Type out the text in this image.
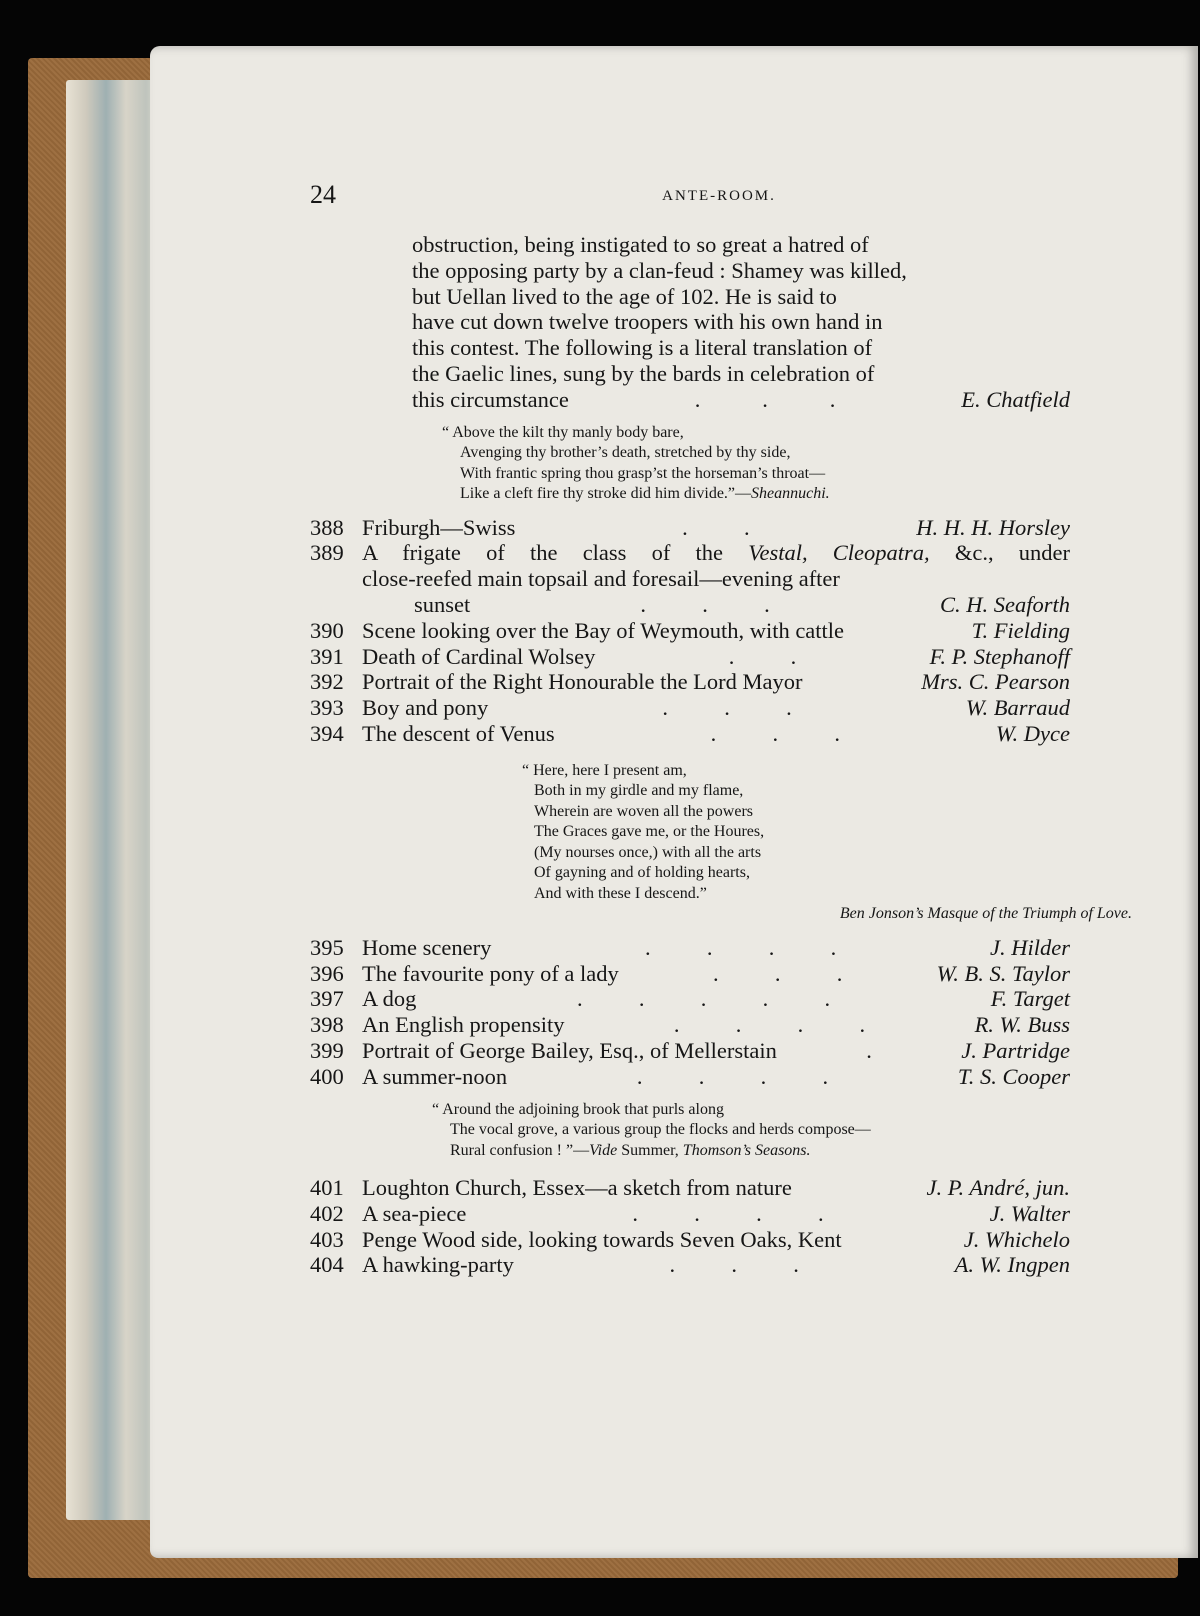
24	ANTE-ROOM.
obstruction, being instigated to so great a hatred of
the opposing party by a clan-feud : Shamey was killed,
but Uellan lived to the age of 102. He is said to
have cut down twelve troopers with his own hand in
this contest. The following is a literal translation of
the Gaelic lines, sung by the bards in celebration of
this circumstance	.           .           .	E. Chatfield
“ Above the kilt thy manly body bare,
Avenging thy brother’s death, stretched by thy side,
With frantic spring thou grasp’st the horseman’s throat—
Like a cleft fire thy stroke did him divide.”—Sheannuchi.
388 Friburgh—Swiss	.          .	H. H. H. Horsley
389 A frigate of the class of the Vestal, Cleopatra, &c., under
close-reefed main topsail and foresail—evening after
sunset	.          .          .	C. H. Seaforth
390 Scene looking over the Bay of Weymouth, with cattle	T. Fielding
391 Death of Cardinal Wolsey	.          .	F. P. Stephanoff
392 Portrait of the Right Honourable the Lord Mayor	Mrs. C. Pearson
393 Boy and pony	.          .          .	W. Barraud
394 The descent of Venus	.          .          .	W. Dyce
“ Here, here I present am,
Both in my girdle and my flame,
Wherein are woven all the powers
The Graces gave me, or the Houres,
(My nourses once,) with all the arts
Of gayning and of holding hearts,
And with these I descend.”
Ben Jonson’s Masque of the Triumph of Love.
395 Home scenery	.          .          .          .	J. Hilder
396 The favourite pony of a lady	.          .          .	W. B. S. Taylor
397 A dog	.          .          .          .          .	F. Target
398 An English propensity	.          .          .          .	R. W. Buss
399 Portrait of George Bailey, Esq., of Mellerstain	.	J. Partridge
400 A summer-noon	.          .          .          .	T. S. Cooper
“ Around the adjoining brook that purls along
The vocal grove, a various group the flocks and herds compose—
Rural confusion ! ”—Vide Summer, Thomson’s Seasons.
401 Loughton Church, Essex—a sketch from nature	J. P. André, jun.
402 A sea-piece	.          .          .          .	J. Walter
403 Penge Wood side, looking towards Seven Oaks, Kent	J. Whichelo
404 A hawking-party	.          .          .	A. W. Ingpen
